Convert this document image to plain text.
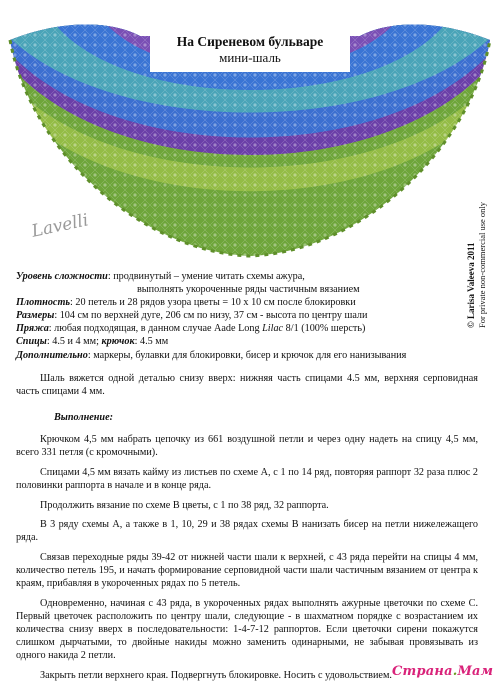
На Сиреневом бульваре
мини-шаль
Lavelli
© Larisa Valeeva 2011 For private non-commercial use only
Уровень сложности: продвинутый – умение читать схемы ажура,
выполнять укороченные ряды частичным вязанием
Плотность: 20 петель и 28 рядов узора цветы = 10 х 10 см после блокировки
Размеры: 104 см по верхней дуге, 206 см по низу, 37 см - высота по центру шали
Пряжа: любая подходящая, в данном случае Aade Long Lilac 8/1 (100% шерсть)
Спицы: 4.5 и 4 мм; крючок: 4.5 мм
Дополнительно: маркеры, булавки для блокировки, бисер и крючок для его нанизывания

Шаль вяжется одной деталью снизу вверх: нижняя часть спицами 4.5 мм, верхняя серповидная часть спицами 4 мм.

Выполнение:

Крючком 4,5 мм набрать цепочку из 661 воздушной петли и через одну надеть на спицу 4,5 мм, всего 331 петля (с кромочными).

Спицами 4,5 мм вязать кайму из листьев по схеме А, с 1 по 14 ряд, повторяя раппорт 32 раза плюс 2 половинки раппорта в начале и в конце ряда.

Продолжить вязание по схеме В цветы, с 1 по 38 ряд, 32 раппорта.

В 3 ряду схемы А, а также в 1, 10, 29 и 38 рядах схемы В нанизать бисер на петли нижележащего ряда.

Связав переходные ряды 39-42 от нижней части шали к верхней, с 43 ряда перейти на спицы 4 мм, количество петель 195, и начать формирование серповидной части шали частичным вязанием от центра к краям, прибавляя в укороченных рядах по 5 петель.

Одновременно, начиная с 43 ряда, в укороченных рядах выполнять ажурные цветочки по схеме С. Первый цветочек расположить по центру шали, следующие - в шахматном порядке с возрастанием их количества снизу вверх в последовательности: 1-4-7-12 раппортов. Если цветочки сирени покажутся слишком дырчатыми, то двойные накиды можно заменить одинарными, не забывая провязывать из одного накида 2 петли.

Закрыть петли верхнего края. Подвергнуть блокировке. Носить с удовольствием. Страна.Мам
